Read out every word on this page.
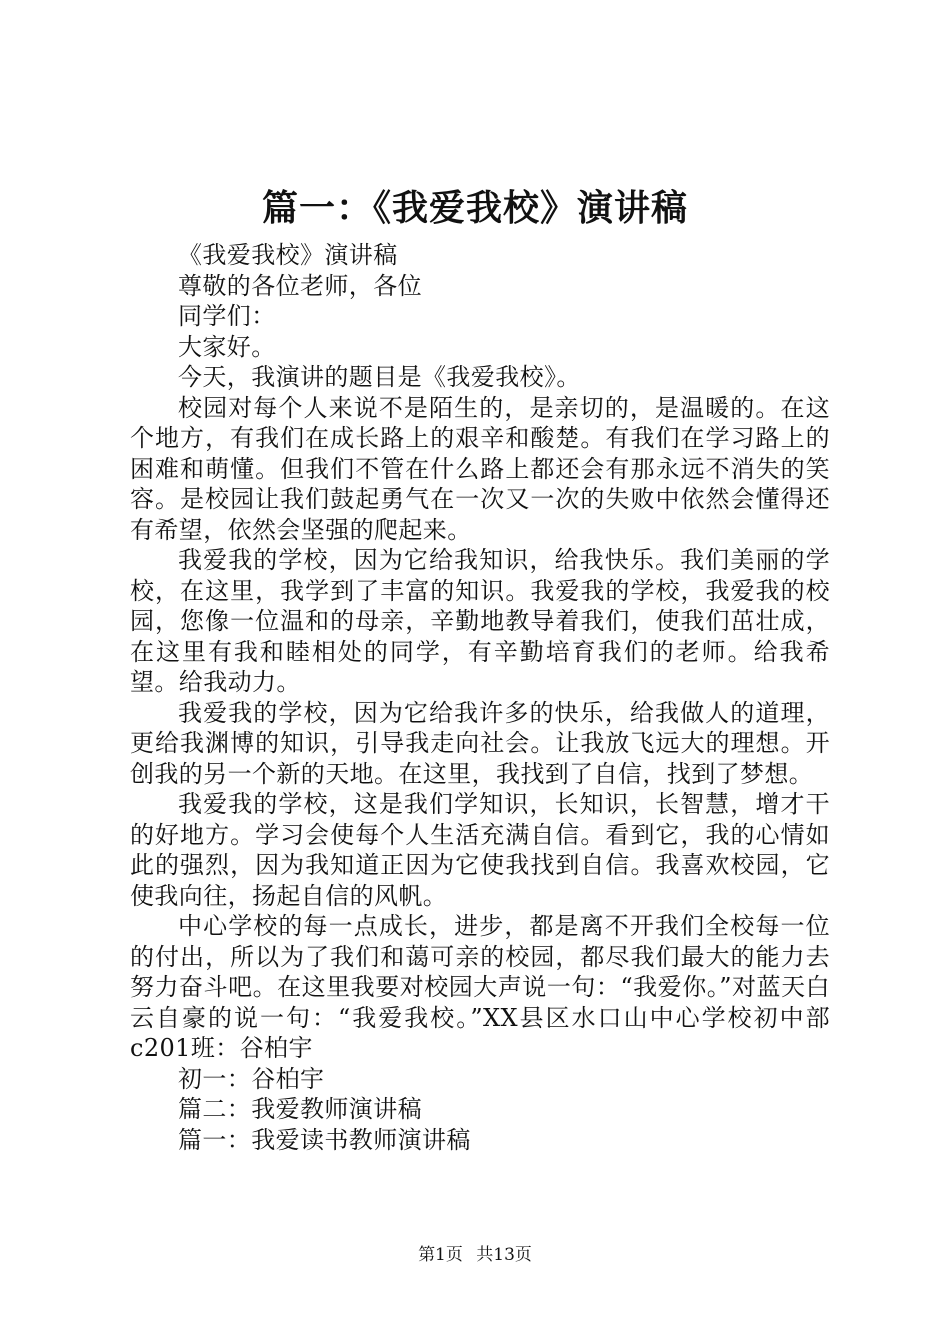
篇一：《我爱我校》演讲稿

《我爱我校》演讲稿

尊敬的各位老师，各位

同学们：

大家好。

今天，我演讲的题目是《我爱我校》。

校园对每个人来说不是陌生的，是亲切的，是温暖的。在这个地方，有我们在成长路上的艰辛和酸楚。有我们在学习路上的困难和萌懂。但我们不管在什么路上都还会有那永远不消失的笑容。是校园让我们鼓起勇气在一次又一次的失败中依然会懂得还有希望，依然会坚强的爬起来。

我爱我的学校，因为它给我知识，给我快乐。我们美丽的学校，在这里，我学到了丰富的知识。我爱我的学校，我爱我的校园，您像一位温和的母亲，辛勤地教导着我们，使我们茁壮成，在这里有我和睦相处的同学，有辛勤培育我们的老师。给我希望。给我动力。

我爱我的学校，因为它给我许多的快乐，给我做人的道理，更给我渊博的知识，引导我走向社会。让我放飞远大的理想。开创我的另一个新的天地。在这里，我找到了自信，找到了梦想。

我爱我的学校，这是我们学知识，长知识，长智慧，增才干的好地方。学习会使每个人生活充满自信。看到它，我的心情如此的强烈，因为我知道正因为它使我找到自信。我喜欢校园，它使我向往，扬起自信的风帆。

中心学校的每一点成长，进步，都是离不开我们全校每一位的付出，所以为了我们和蔼可亲的校园，都尽我们最大的能力去努力奋斗吧。在这里我要对校园大声说一句：“我爱你。”对蓝天白云自豪的说一句：“我爱我校。”XX县区水口山中心学校初中部c201班：谷柏宇

初一：谷柏宇

篇二：我爱教师演讲稿

篇一：我爱读书教师演讲稿

第1页 共13页
